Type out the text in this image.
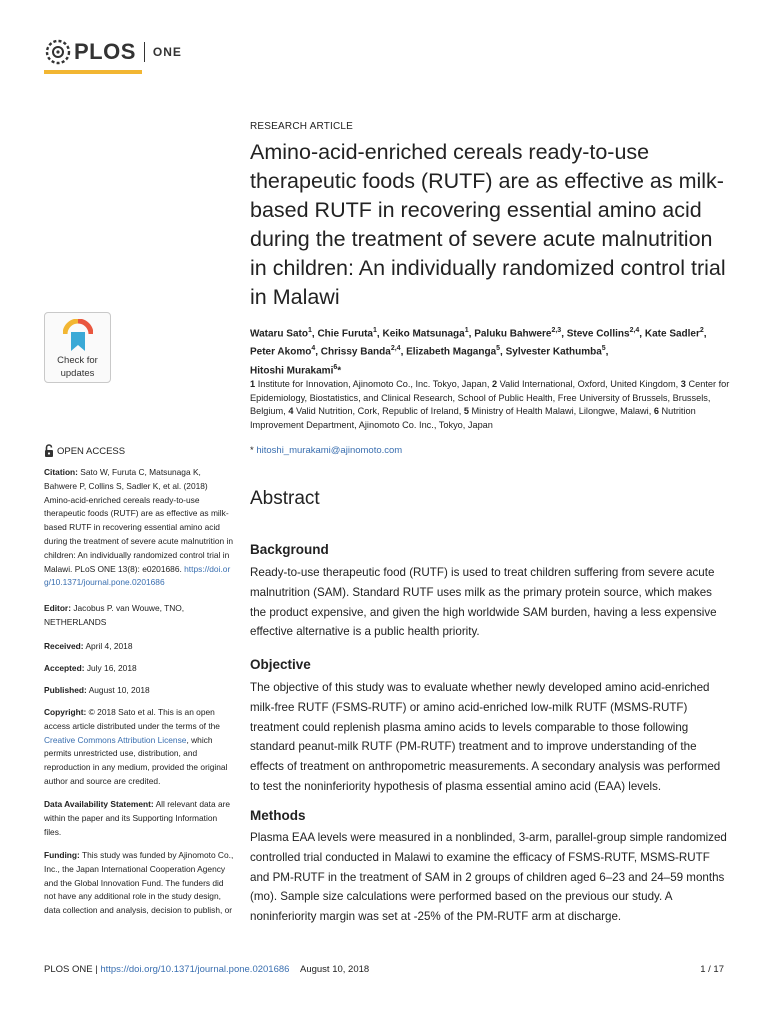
PLOS ONE
Check for
updates
OPEN ACCESS
Citation: Sato W, Furuta C, Matsunaga K, Bahwere P, Collins S, Sadler K, et al. (2018) Amino-acid-enriched cereals ready-to-use therapeutic foods (RUTF) are as effective as milk-based RUTF in recovering essential amino acid during the treatment of severe acute malnutrition in children: An individually randomized control trial in Malawi. PLoS ONE 13(8): e0201686. https://doi.org/10.1371/journal.pone.0201686
Editor: Jacobus P. van Wouwe, TNO, NETHERLANDS
Received: April 4, 2018
Accepted: July 16, 2018
Published: August 10, 2018
Copyright: © 2018 Sato et al. This is an open access article distributed under the terms of the Creative Commons Attribution License, which permits unrestricted use, distribution, and reproduction in any medium, provided the original author and source are credited.
Data Availability Statement: All relevant data are within the paper and its Supporting Information files.
Funding: This study was funded by Ajinomoto Co., Inc., the Japan International Cooperation Agency and the Global Innovation Fund. The funders did not have any additional role in the study design, data collection and analysis, decision to publish, or
RESEARCH ARTICLE
Amino-acid-enriched cereals ready-to-use therapeutic foods (RUTF) are as effective as milk-based RUTF in recovering essential amino acid during the treatment of severe acute malnutrition in children: An individually randomized control trial in Malawi
Wataru Sato$^1$, Chie Furuta$^1$, Keiko Matsunaga$^1$, Paluku Bahwere$^{2,3}$, Steve Collins$^{2,4}$, Kate Sadler$^2$, Peter Akomo$^4$, Chrissy Banda$^{2,4}$, Elizabeth Maganga$^5$, Sylvester Kathumba$^5$,
Hitoshi Murakami$^6$*
1 Institute for Innovation, Ajinomoto Co., Inc. Tokyo, Japan, 2 Valid International, Oxford, United Kingdom, 3 Center for Epidemiology, Biostatistics, and Clinical Research, School of Public Health, Free University of Brussels, Brussels, Belgium, 4 Valid Nutrition, Cork, Republic of Ireland, 5 Ministry of Health Malawi, Lilongwe, Malawi, 6 Nutrition Improvement Department, Ajinomoto Co. Inc., Tokyo, Japan
* hitoshi_murakami@ajinomoto.com
Abstract
Background

Ready-to-use therapeutic food (RUTF) is used to treat children suffering from severe acute malnutrition (SAM). Standard RUTF uses milk as the primary protein source, which makes the product expensive, and given the high worldwide SAM burden, having a less expensive effective alternative is a public health priority.

Objective

The objective of this study was to evaluate whether newly developed amino acid-enriched milk-free RUTF (FSMS-RUTF) or amino acid-enriched low-milk RUTF (MSMS-RUTF) treatment could replenish plasma amino acids to levels comparable to those following standard peanut-milk RUTF (PM-RUTF) treatment and to improve understanding of the effects of treatment on anthropometric measurements. A secondary analysis was performed to test the noninferiority hypothesis of plasma essential amino acid (EAA) levels.

Methods

Plasma EAA levels were measured in a nonblinded, 3-arm, parallel-group simple randomized controlled trial conducted in Malawi to examine the efficacy of FSMS-RUTF, MSMS-RUTF and PM-RUTF in the treatment of SAM in 2 groups of children aged 6–23 and 24–59 months (mo). Sample size calculations were performed based on the previous our study. A noninferiority margin was set at -25% of the PM-RUTF arm at discharge.

PLOS ONE
|
https://doi.org/10.1371/journal.pone.0201686
August 10, 2018	1 / 17
